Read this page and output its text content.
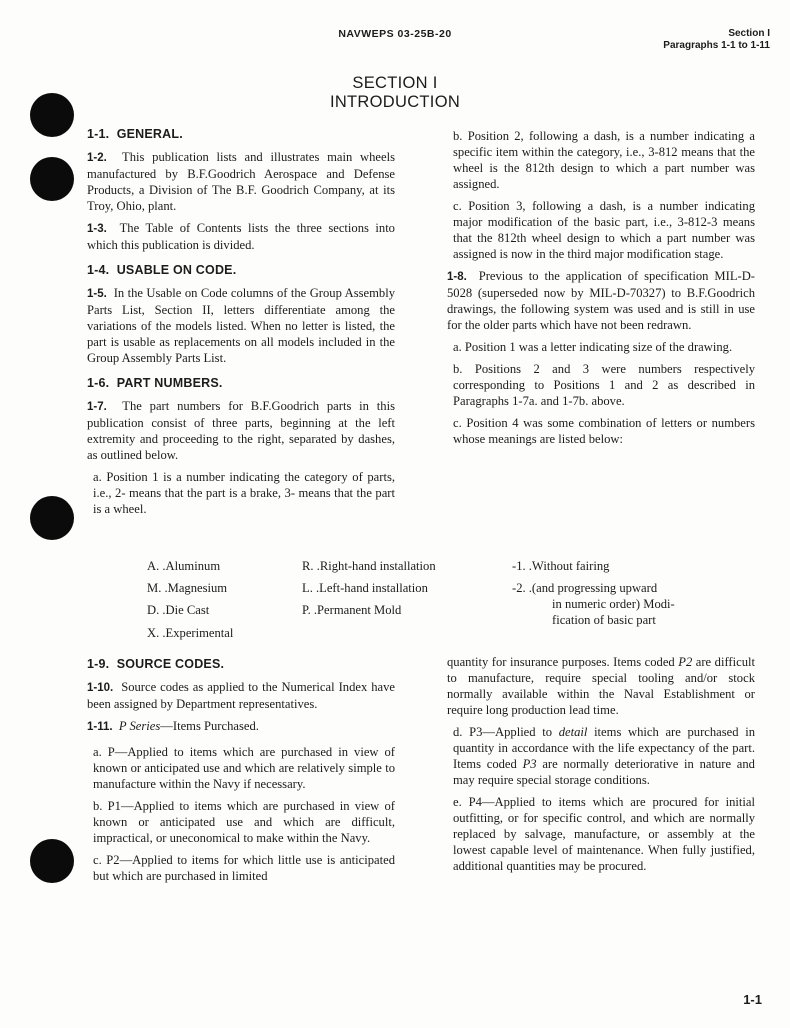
NAVWEPS 03-25B-20	Section I
Paragraphs 1-1 to 1-11
SECTION I
INTRODUCTION
1-1. GENERAL.

1-2. This publication lists and illustrates main wheels manufactured by B.F.Goodrich Aerospace and Defense Products, a Division of The B.F. Goodrich Company, at its Troy, Ohio, plant.

1-3. The Table of Contents lists the three sections into which this publication is divided.

1-4. USABLE ON CODE.

1-5. In the Usable on Code columns of the Group Assembly Parts List, Section II, letters differentiate among the variations of the models listed. When no letter is listed, the part is usable as replacements on all models included in the Group Assembly Parts List.

1-6. PART NUMBERS.

1-7. The part numbers for B.F.Goodrich parts in this publication consist of three parts, beginning at the left extremity and proceeding to the right, separated by dashes, as outlined below.

a. Position 1 is a number indicating the category of parts, i.e., 2- means that the part is a brake, 3- means that the part is a wheel.

b. Position 2, following a dash, is a number indicating a specific item within the category, i.e., 3-812 means that the wheel is the 812th design to which a part number was assigned.

c. Position 3, following a dash, is a number indicating major modification of the basic part, i.e., 3-812-3 means that the 812th wheel design to which a part number was assigned is now in the third major modification stage.

1-8. Previous to the application of specification MIL-D-5028 (superseded now by MIL-D-70327) to B.F.Goodrich drawings, the following system was used and is still in use for the older parts which have not been redrawn.

a. Position 1 was a letter indicating size of the drawing.

b. Positions 2 and 3 were numbers respectively corresponding to Positions 1 and 2 as described in Paragraphs 1-7a. and 1-7b. above.

c. Position 4 was some combination of letters or numbers whose meanings are listed below:

A. .Aluminum
M. .Magnesium
D. .Die Cast
X. .Experimental
R. .Right-hand installation
L. .Left-hand installation
P. .Permanent Mold
-1. .Without fairing
-2. .(and progressing upward
in numeric order) Modi-
fication of basic part
1-9. SOURCE CODES.

1-10. Source codes as applied to the Numerical Index have been assigned by Department representatives.

1-11. P Series—Items Purchased.

a. P—Applied to items which are purchased in view of known or anticipated use and which are relatively simple to manufacture within the Navy if necessary.

b. P1—Applied to items which are purchased in view of known or anticipated use and which are difficult, impractical, or uneconomical to make within the Navy.

c. P2—Applied to items for which little use is anticipated but which are purchased in limited

quantity for insurance purposes. Items coded P2 are difficult to manufacture, require special tooling and/or stock normally available within the Naval Establishment or require long production lead time.

d. P3—Applied to detail items which are purchased in quantity in accordance with the life expectancy of the part. Items coded P3 are normally deteriorative in nature and may require special storage conditions.

e. P4—Applied to items which are procured for initial outfitting, or for specific control, and which are normally replaced by salvage, manufacture, or assembly at the lowest capable level of maintenance. When fully justified, additional quantities may be procured.

1-1
